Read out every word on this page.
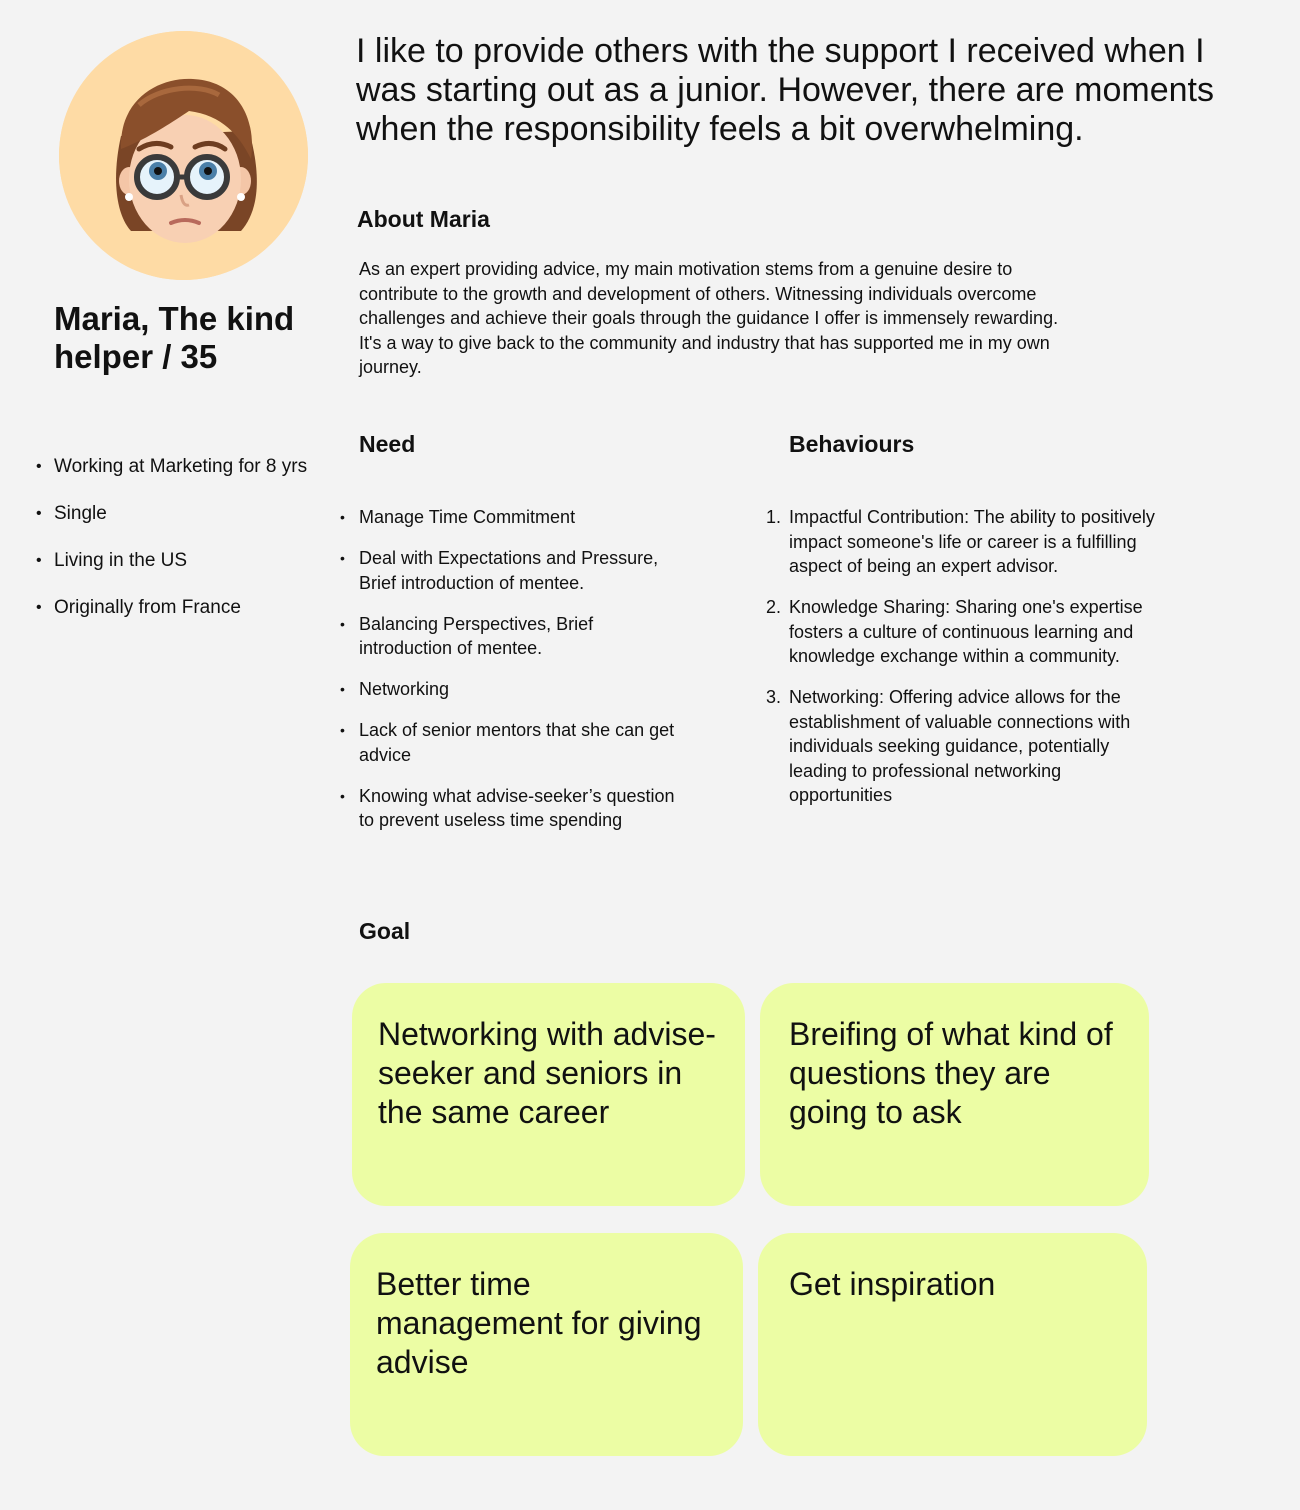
Maria, The kind helper / 35
• Working at Marketing for 8 yrs
• Single
• Living in the US
• Originally from France

I like to provide others with the support I received when I was starting out as a junior. However, there are moments when the responsibility feels a bit overwhelming.

About Maria

As an expert providing advice, my main motivation stems from a genuine desire to contribute to the growth and development of others. Witnessing individuals overcome challenges and achieve their goals through the guidance I offer is immensely rewarding. It's a way to give back to the community and industry that has supported me in my own journey.

Need
• Manage Time Commitment
• Deal with Expectations and Pressure, Brief introduction of mentee.
• Balancing Perspectives, Brief introduction of mentee.
• Networking
• Lack of senior mentors that she can get advice
• Knowing what advise-seeker’s question to prevent useless time spending
Behaviours
1. Impactful Contribution: The ability to positively impact someone's life or career is a fulfilling aspect of being an expert advisor.
2. Knowledge Sharing: Sharing one's expertise fosters a culture of continuous learning and knowledge exchange within a community.
3. Networking: Offering advice allows for the establishment of valuable connections with individuals seeking guidance, potentially leading to professional networking opportunities
Goal
Networking with advise-seeker and seniors in the same career
Breifing of what kind of questions they are going to ask
Better time management for giving advise
Get inspiration
